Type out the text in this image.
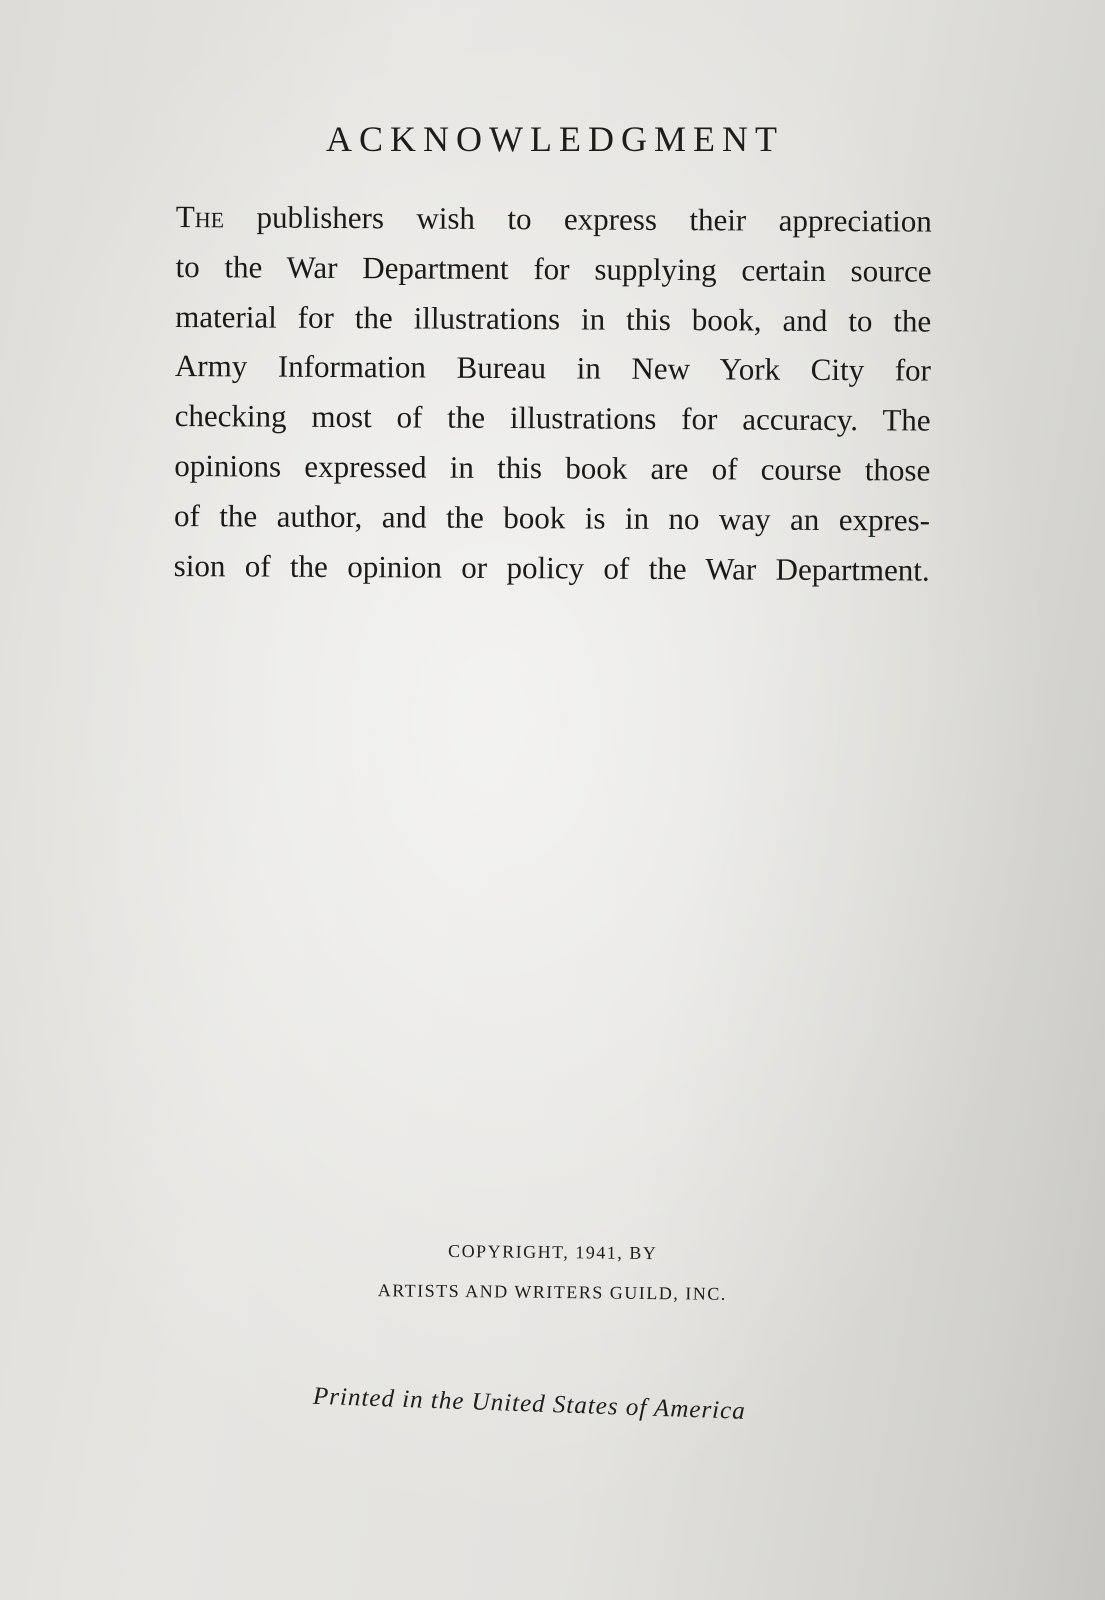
ACKNOWLEDGMENT
The publishers wish to express their appreciation
to the War Department for supplying certain source
material for the illustrations in this book, and to the
Army Information Bureau in New York City for
checking most of the illustrations for accuracy. The
opinions expressed in this book are of course those
of the author, and the book is in no way an expres-
sion of the opinion or policy of the War Department.
COPYRIGHT, 1941, BY
ARTISTS AND WRITERS GUILD, INC.
Printed in the United States of America
